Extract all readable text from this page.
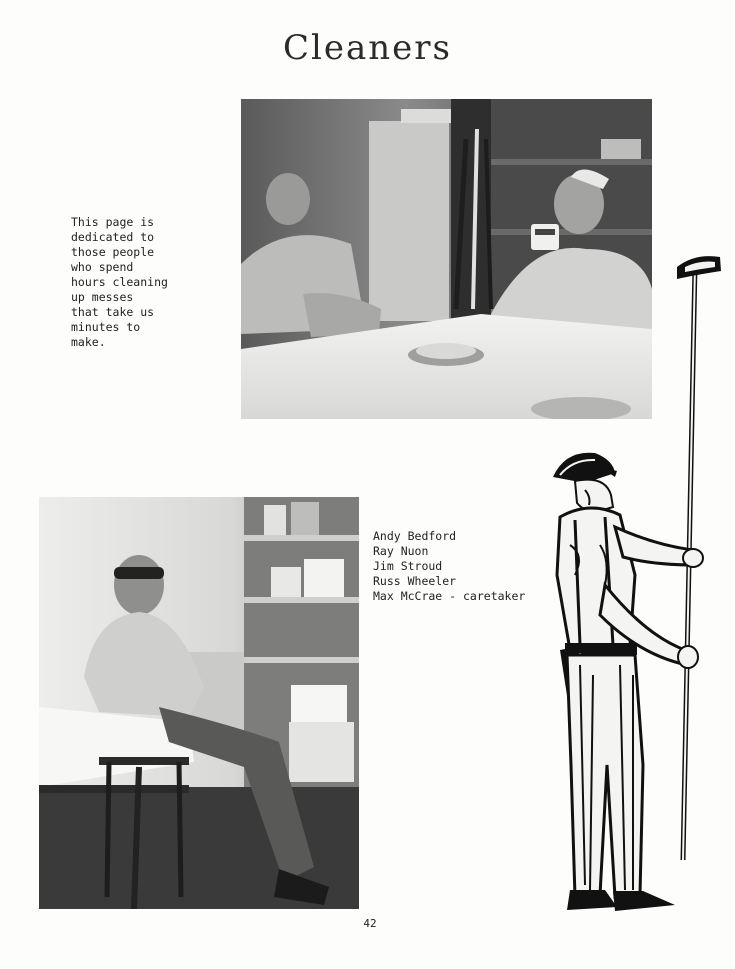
Cleaners
This page is
dedicated to
those people
who spend
hours cleaning
up messes
that take us
minutes to
make.
Andy Bedford
Ray Nuon
Jim Stroud
Russ Wheeler
Max McCrae - caretaker
42
